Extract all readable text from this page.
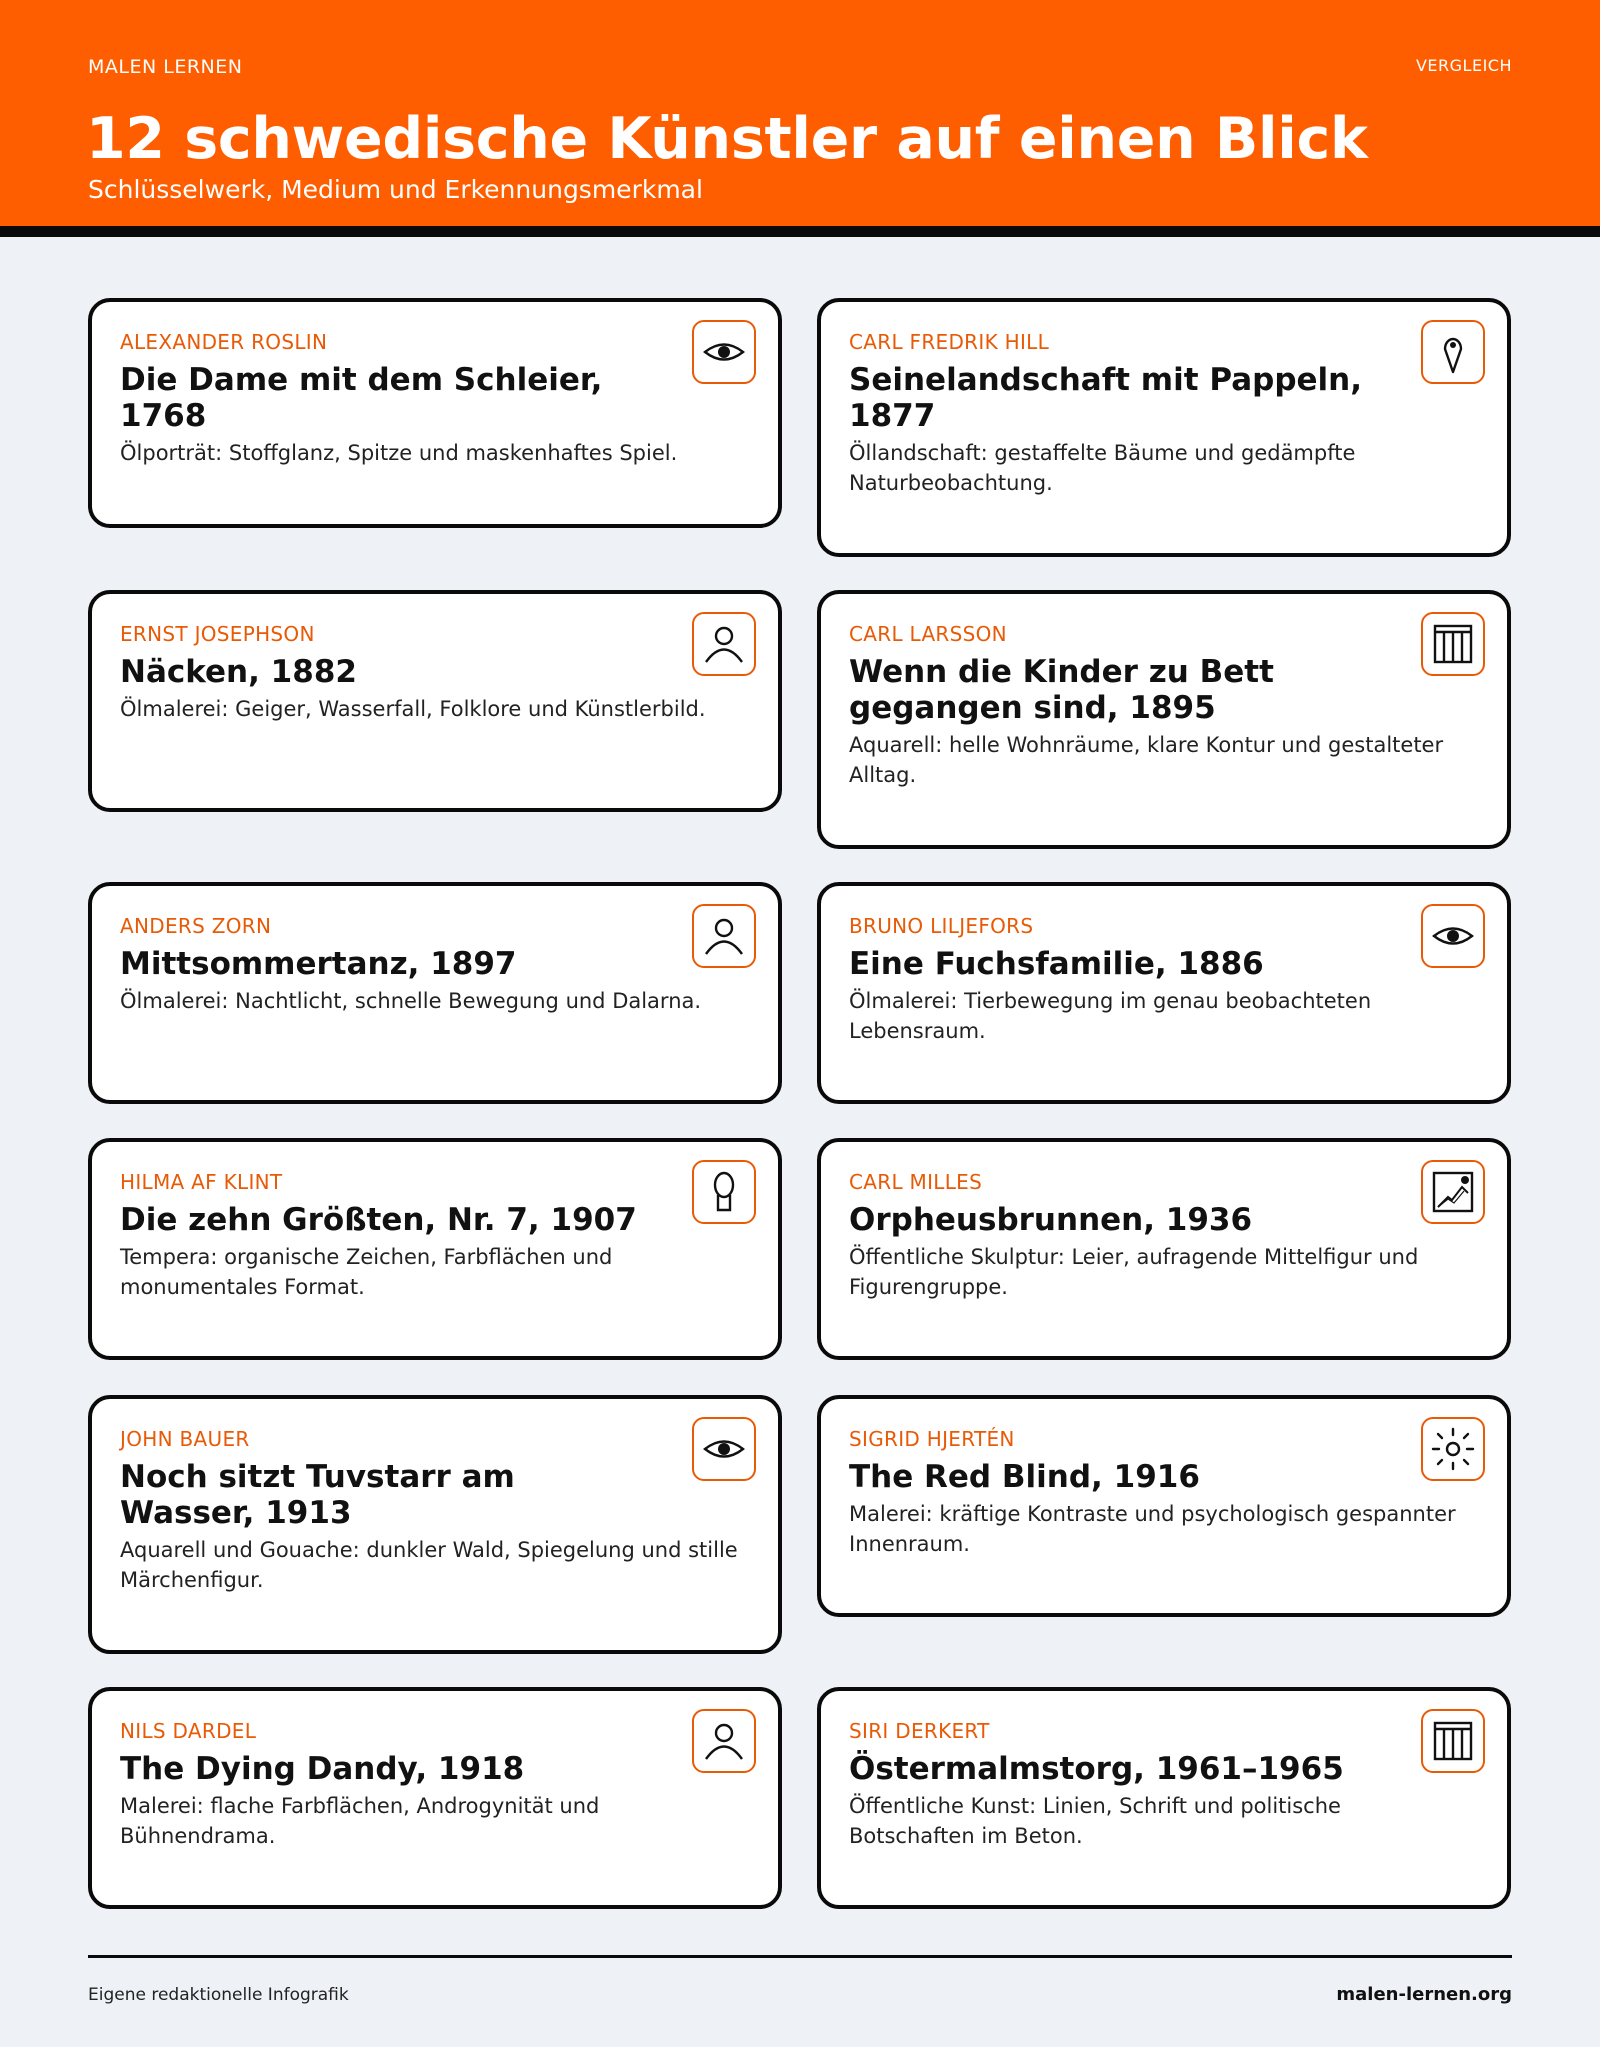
MALEN LERNEN	VERGLEICH
12 schwedische Künstler auf einen Blick
Schlüsselwerk, Medium und Erkennungsmerkmal
ALEXANDER ROSLIN
Die Dame mit dem Schleier, 1768
Ölporträt: Stoffglanz, Spitze und maskenhaftes Spiel.
CARL FREDRIK HILL
Seinelandschaft mit Pappeln, 1877
Öllandschaft: gestaffelte Bäume und gedämpfte Naturbeobachtung.
ERNST JOSEPHSON
Näcken, 1882
Ölmalerei: Geiger, Wasserfall, Folklore und Künstlerbild.
CARL LARSSON
Wenn die Kinder zu Bett gegangen sind, 1895
Aquarell: helle Wohnräume, klare Kontur und gestalteter Alltag.
ANDERS ZORN
Mittsommertanz, 1897
Ölmalerei: Nachtlicht, schnelle Bewegung und Dalarna.
BRUNO LILJEFORS
Eine Fuchsfamilie, 1886
Ölmalerei: Tierbewegung im genau beobachteten Lebensraum.
HILMA AF KLINT
Die zehn Größten, Nr. 7, 1907
Tempera: organische Zeichen, Farbflächen und monumentales Format.
CARL MILLES
Orpheusbrunnen, 1936
Öffentliche Skulptur: Leier, aufragende Mittelfigur und Figurengruppe.
JOHN BAUER
Noch sitzt Tuvstarr am Wasser, 1913
Aquarell und Gouache: dunkler Wald, Spiegelung und stille Märchenfigur.
SIGRID HJERTÉN
The Red Blind, 1916
Malerei: kräftige Kontraste und psychologisch gespannter Innenraum.
NILS DARDEL
The Dying Dandy, 1918
Malerei: flache Farbflächen, Androgynität und Bühnendrama.
SIRI DERKERT
Östermalmstorg, 1961–1965
Öffentliche Kunst: Linien, Schrift und politische Botschaften im Beton.
Eigene redaktionelle Infografik	malen-lernen.org
